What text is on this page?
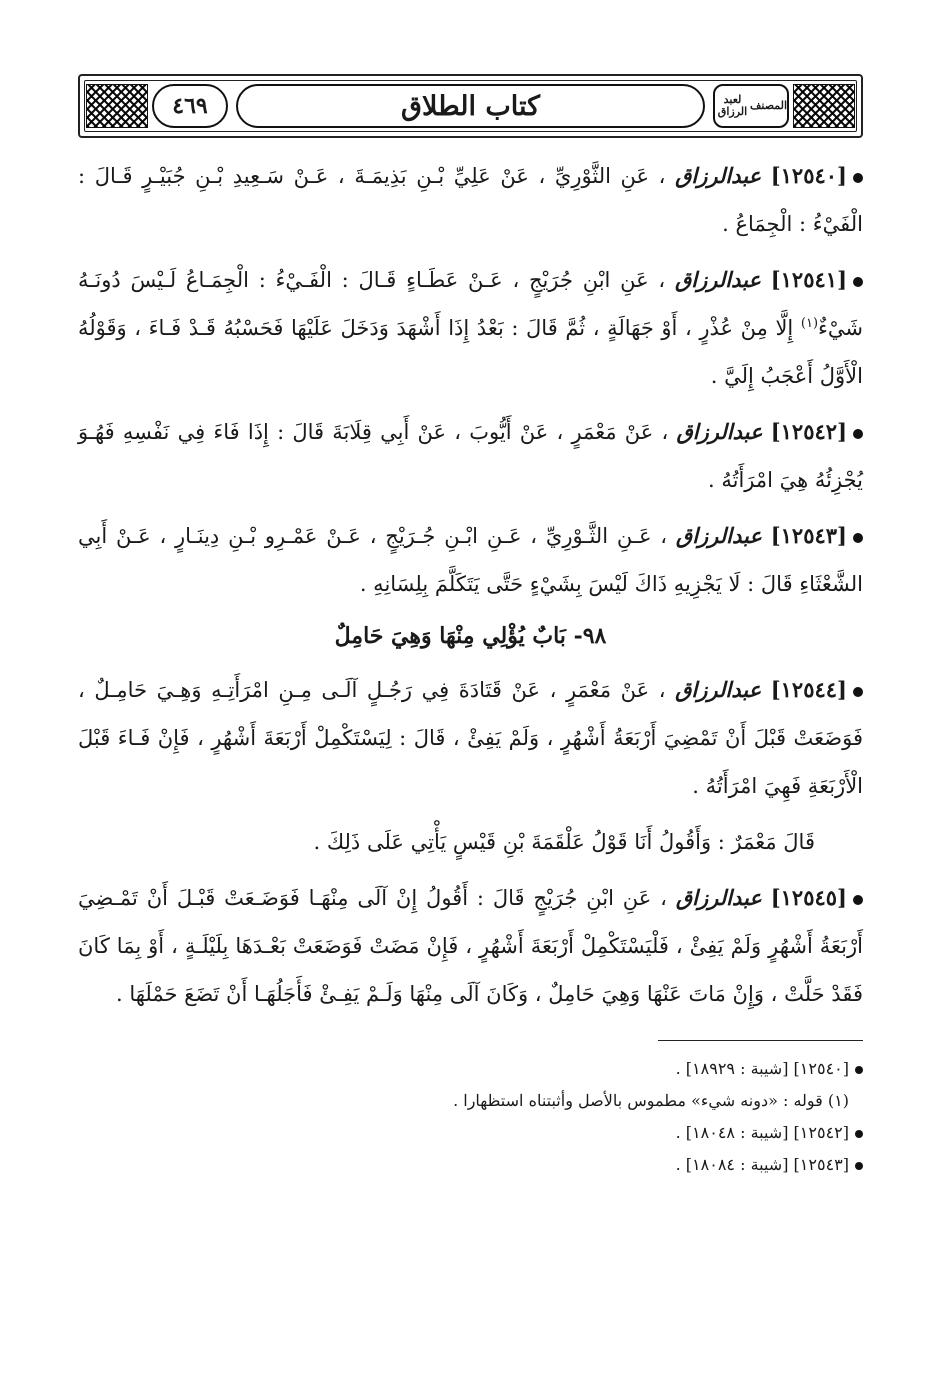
المصنف

لعبد الرزاق
كتاب الطلاق
٤٦٩

[١٢٥٤٠] عبدالرزاق ، عَنِ الثَّوْرِيِّ ، عَنْ عَلِيِّ بْـنِ بَذِيمَـةَ ، عَـنْ سَـعِيدِ بْـنِ جُبَيْـرٍ قَـالَ : الْفَيْءُ : الْجِمَاعُ .

[١٢٥٤١] عبدالرزاق ، عَنِ ابْنِ جُرَيْجٍ ، عَـنْ عَطَـاءٍ قَـالَ : الْفَـيْءُ : الْجِمَـاعُ لَـيْسَ دُونَـهُ شَيْءٌ$^{(١)}$ إِلَّا مِنْ عُذْرٍ ، أَوْ جَهَالَةٍ ، ثُمَّ قَالَ : بَعْدُ إِذَا أَشْهَدَ وَدَخَلَ عَلَيْهَا فَحَسْبُهُ قَـدْ فَـاءَ ، وَقَوْلُهُ الْأَوَّلُ أَعْجَبُ إِلَيَّ .

[١٢٥٤٢] عبدالرزاق ، عَنْ مَعْمَرٍ ، عَنْ أَيُّوبَ ، عَنْ أَبِي قِلَابَةَ قَالَ : إِذَا فَاءَ فِي نَفْسِهِ فَهُـوَ يُجْزِئُهُ هِيَ امْرَأَتُهُ .

[١٢٥٤٣] عبدالرزاق ، عَـنِ الثَّـوْرِيِّ ، عَـنِ ابْـنِ جُـرَيْجٍ ، عَـنْ عَمْـرِو بْـنِ دِينَـارٍ ، عَـنْ أَبِي الشَّعْثَاءِ قَالَ : لَا يَجْزِيهِ ذَاكَ لَيْسَ بِشَيْءٍ حَتَّى يَتَكَلَّمَ بِلِسَانِهِ .

٩٨- بَابٌ يُؤْلِي مِنْهَا وَهِيَ حَامِلٌ

[١٢٥٤٤] عبدالرزاق ، عَنْ مَعْمَرٍ ، عَنْ قَتَادَةَ فِي رَجُـلٍ آلَـى مِـنِ امْرَأَتِـهِ وَهِـيَ حَامِـلٌ ، فَوَضَعَتْ قَبْلَ أَنْ تَمْضِيَ أَرْبَعَةُ أَشْهُرٍ ، وَلَمْ يَفِئْ ، قَالَ : لِيَسْتَكْمِلْ أَرْبَعَةَ أَشْهُرٍ ، فَإِنْ فَـاءَ قَبْلَ الْأَرْبَعَةِ فَهِيَ امْرَأَتُهُ .

قَالَ مَعْمَرٌ : وَأَقُولُ أَنَا قَوْلُ عَلْقَمَةَ بْنِ قَيْسٍ يَأْتِي عَلَى ذَلِكَ .

[١٢٥٤٥] عبدالرزاق ، عَنِ ابْنِ جُرَيْجٍ قَالَ : أَقُولُ إِنْ آلَى مِنْهَـا فَوَضَـعَتْ قَبْـلَ أَنْ تَمْـضِيَ أَرْبَعَةُ أَشْهُرٍ وَلَمْ يَفِئْ ، فَلْيَسْتَكْمِلْ أَرْبَعَةَ أَشْهُرٍ ، فَإِنْ مَضَتْ فَوَضَعَتْ بَعْـدَهَا بِلَيْلَـةٍ ، أَوْ بِمَا كَانَ فَقَدْ حَلَّتْ ، وَإِنْ مَاتَ عَنْهَا وَهِيَ حَامِلٌ ، وَكَانَ آلَى مِنْهَا وَلَـمْ يَفِـئْ فَأَجَلُهَـا أَنْ تَضَعَ حَمْلَهَا .

[١٢٥٤٠] [شيبة : ١٨٩٢٩] .
(١) قوله : «دونه شيء» مطموس بالأصل وأثبتناه استظهارا .
[١٢٥٤٢] [شيبة : ١٨٠٤٨] .
[١٢٥٤٣] [شيبة : ١٨٠٨٤] .
